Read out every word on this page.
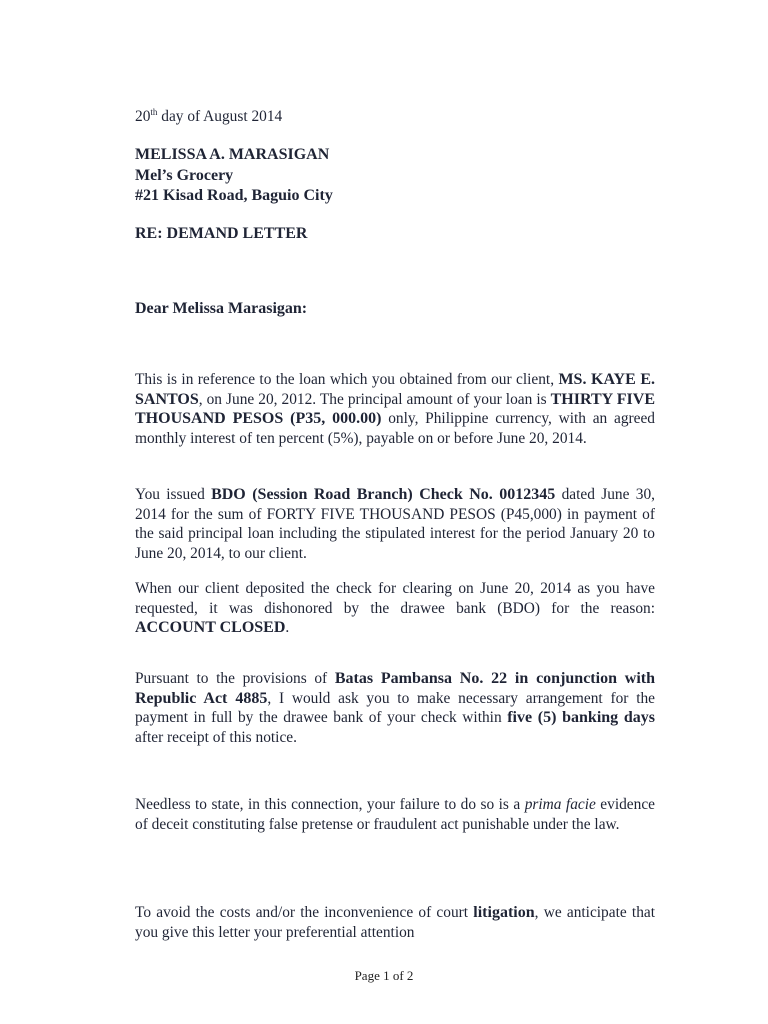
20th day of August 2014
MELISSA A. MARASIGAN
Mel’s Grocery
#21 Kisad Road, Baguio City
RE: DEMAND LETTER
Dear Melissa Marasigan:
This is in reference to the loan which you obtained from our client, MS. KAYE E. SANTOS, on June 20, 2012. The principal amount of your loan is THIRTY FIVE THOUSAND PESOS (P35, 000.00) only, Philippine currency, with an agreed monthly interest of ten percent (5%), payable on or before June 20, 2014.
You issued BDO (Session Road Branch) Check No. 0012345 dated June 30, 2014 for the sum of FORTY FIVE THOUSAND PESOS (P45,000) in payment of the said principal loan including the stipulated interest for the period January 20 to June 20, 2014, to our client.
When our client deposited the check for clearing on June 20, 2014 as you have requested, it was dishonored by the drawee bank (BDO) for the reason: ACCOUNT CLOSED.
Pursuant to the provisions of Batas Pambansa No. 22 in conjunction with Republic Act 4885, I would ask you to make necessary arrangement for the payment in full by the drawee bank of your check within five (5) banking days after receipt of this notice.
Needless to state, in this connection, your failure to do so is a prima facie evidence of deceit constituting false pretense or fraudulent act punishable under the law.
To avoid the costs and/or the inconvenience of court litigation, we anticipate that you give this letter your preferential attention
Page 1 of 2
